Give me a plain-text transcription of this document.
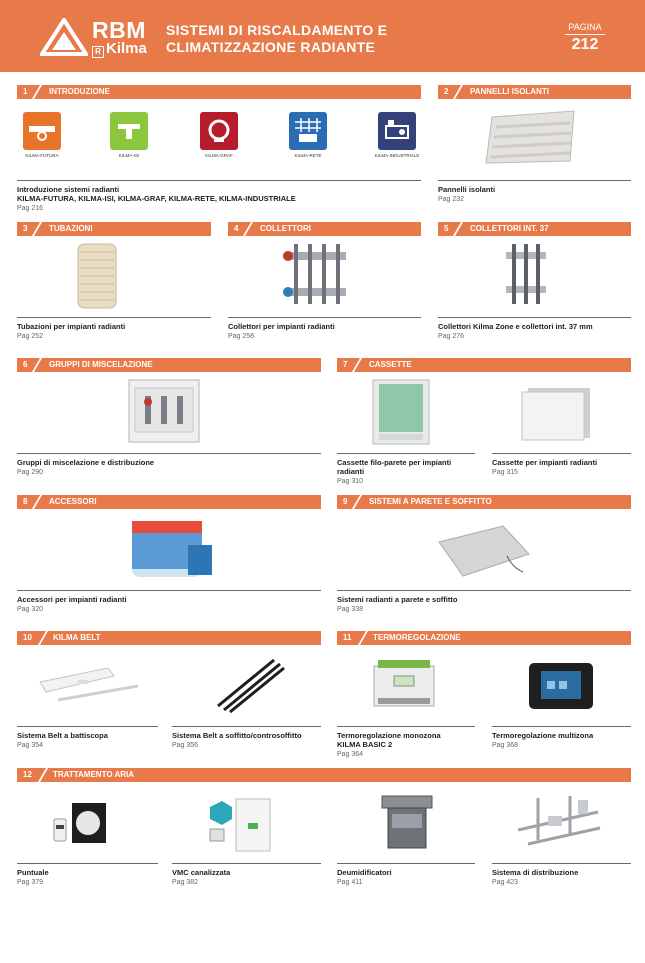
RBM
R Kilma
SISTEMI DI RISCALDAMENTO E
CLIMATIZZAZIONE RADIANTE
PAGINA
212
1	INTRODUZIONE	2	PANNELLI ISOLANTI
3	TUBAZIONI	4	COLLETTORI	5	COLLETTORI INT. 37
6	GRUPPI DI MISCELAZIONE	7	CASSETTE
8	ACCESSORI	9	SISTEMI A PARETE E SOFFITTO
10	KILMA BELT	11	TERMOREGOLAZIONE
12	TRATTAMENTO ARIA
KILMA-FUTURA	KILMA-ISI	KILMA-GRAF	KILMA-RETE	KILMA-INDUSTRIALE
Introduzione sistemi radianti
KILMA-FUTURA, KILMA-ISI, KILMA-GRAF, KILMA-RETE, KILMA-INDUSTRIALE
Pag 216
Pannelli isolanti
Pag 232
Tubazioni per impianti radianti
Pag 252
Collettori per impianti radianti
Pag 258
Collettori Kilma Zone e collettori int. 37 mm
Pag 276
Gruppi di miscelazione e distribuzione
Pag 290
Cassette filo-parete per impianti
radianti
Pag 310
Cassette per impianti radianti
Pag 315
Accessori per impianti radianti
Pag 320
Sistemi radianti a parete e soffitto
Pag 338
Sistema Belt a battiscopa
Pag 354
Sistema Belt a soffitto/controsoffitto
Pag 356
Termoregolazione monozona
KILMA BASIC 2
Pag 364
Termoregolazione multizona
Pag 368
Puntuale
Pag 379
VMC canalizzata
Pag 382
Deumidificatori
Pag 411
Sistema di distribuzione
Pag 423
